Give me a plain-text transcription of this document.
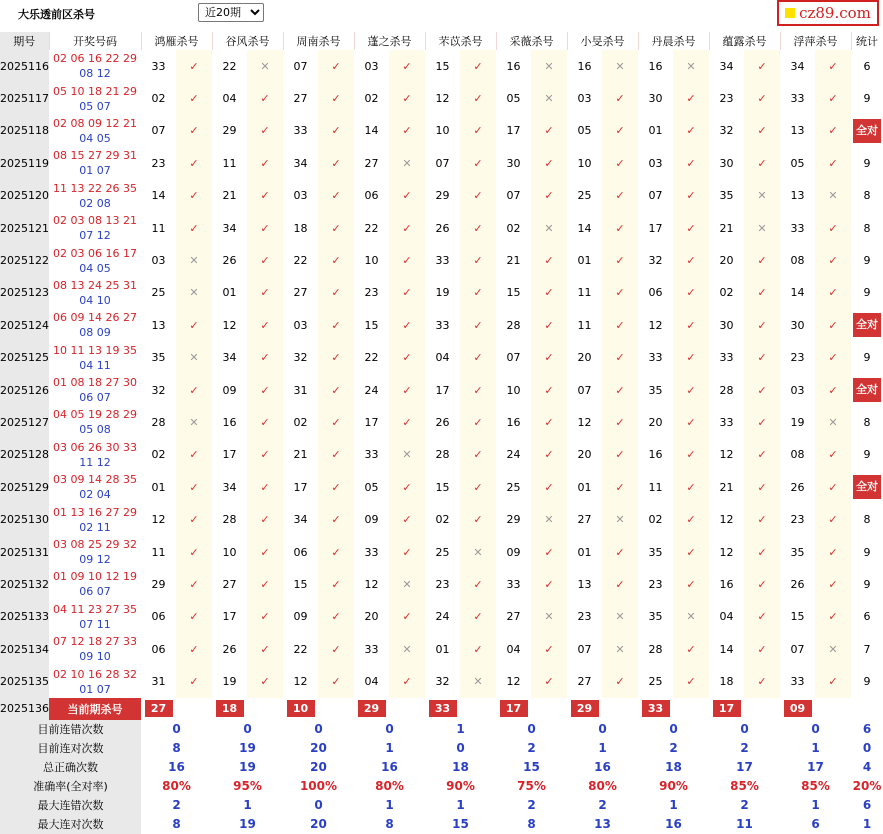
大乐透前区杀号
近20期	cz89.com
期号	开奖号码	鸿雁杀号		谷风杀号		周南杀号		蓬之杀号		芣苡杀号		采薇杀号		小旻杀号		丹晨杀号		蕴露杀号		浮萍杀号		统计
2025116	02 06 16 22 29
08 12	33	✓	22	✕	07	✓	03	✓	15	✓	16	✕	16	✕	16	✕	34	✓	34	✓	6
2025117	05 10 18 21 29
05 07	02	✓	04	✓	27	✓	02	✓	12	✓	05	✕	03	✓	30	✓	23	✓	33	✓	9
2025118	02 08 09 12 21
04 05	07	✓	29	✓	33	✓	14	✓	10	✓	17	✓	05	✓	01	✓	32	✓	13	✓	全对
2025119	08 15 27 29 31
01 07	23	✓	11	✓	34	✓	27	✕	07	✓	30	✓	10	✓	03	✓	30	✓	05	✓	9
2025120	11 13 22 26 35
02 08	14	✓	21	✓	03	✓	06	✓	29	✓	07	✓	25	✓	07	✓	35	✕	13	✕	8
2025121	02 03 08 13 21
07 12	11	✓	34	✓	18	✓	22	✓	26	✓	02	✕	14	✓	17	✓	21	✕	33	✓	8
2025122	02 03 06 16 17
04 05	03	✕	26	✓	22	✓	10	✓	33	✓	21	✓	01	✓	32	✓	20	✓	08	✓	9
2025123	08 13 24 25 31
04 10	25	✕	01	✓	27	✓	23	✓	19	✓	15	✓	11	✓	06	✓	02	✓	14	✓	9
2025124	06 09 14 26 27
08 09	13	✓	12	✓	03	✓	15	✓	33	✓	28	✓	11	✓	12	✓	30	✓	30	✓	全对
2025125	10 11 13 19 35
04 11	35	✕	34	✓	32	✓	22	✓	04	✓	07	✓	20	✓	33	✓	33	✓	23	✓	9
2025126	01 08 18 27 30
06 07	32	✓	09	✓	31	✓	24	✓	17	✓	10	✓	07	✓	35	✓	28	✓	03	✓	全对
2025127	04 05 19 28 29
05 08	28	✕	16	✓	02	✓	17	✓	26	✓	16	✓	12	✓	20	✓	33	✓	19	✕	8
2025128	03 06 26 30 33
11 12	02	✓	17	✓	21	✓	33	✕	28	✓	24	✓	20	✓	16	✓	12	✓	08	✓	9
2025129	03 09 14 28 35
02 04	01	✓	34	✓	17	✓	05	✓	15	✓	25	✓	01	✓	11	✓	21	✓	26	✓	全对
2025130	01 13 16 27 29
02 11	12	✓	28	✓	34	✓	09	✓	02	✓	29	✕	27	✕	02	✓	12	✓	23	✓	8
2025131	03 08 25 29 32
09 12	11	✓	10	✓	06	✓	33	✓	25	✕	09	✓	01	✓	35	✓	12	✓	35	✓	9
2025132	01 09 10 12 19
06 07	29	✓	27	✓	15	✓	12	✕	23	✓	33	✓	13	✓	23	✓	16	✓	26	✓	9
2025133	04 11 23 27 35
07 11	06	✓	17	✓	09	✓	20	✓	24	✓	27	✕	23	✕	35	✕	04	✓	15	✓	6
2025134	07 12 18 27 33
09 10	06	✓	26	✓	22	✓	33	✕	01	✓	04	✓	07	✕	28	✓	14	✓	07	✕	7
2025135	02 10 16 28 32
01 07	31	✓	19	✓	12	✓	04	✓	32	✕	12	✓	27	✓	25	✓	18	✓	33	✓	9
2025136	当前期杀号	27		18		10		29		33		17		29		33		17		09		
目前连错次数		0		0		0		0		1		0		0		0		0		0		6
目前连对次数		8		19		20		1		0		2		1		2		2		1		0
总正确次数		16		19		20		16		18		15		16		18		17		17		4
准确率(全对率)		80%		95%		100%		80%		90%		75%		80%		90%		85%		85%		20%
最大连错次数		2		1		0		1		1		2		2		1		2		1		6
最大连对次数		8		19		20		8		15		8		13		16		11		6		1
